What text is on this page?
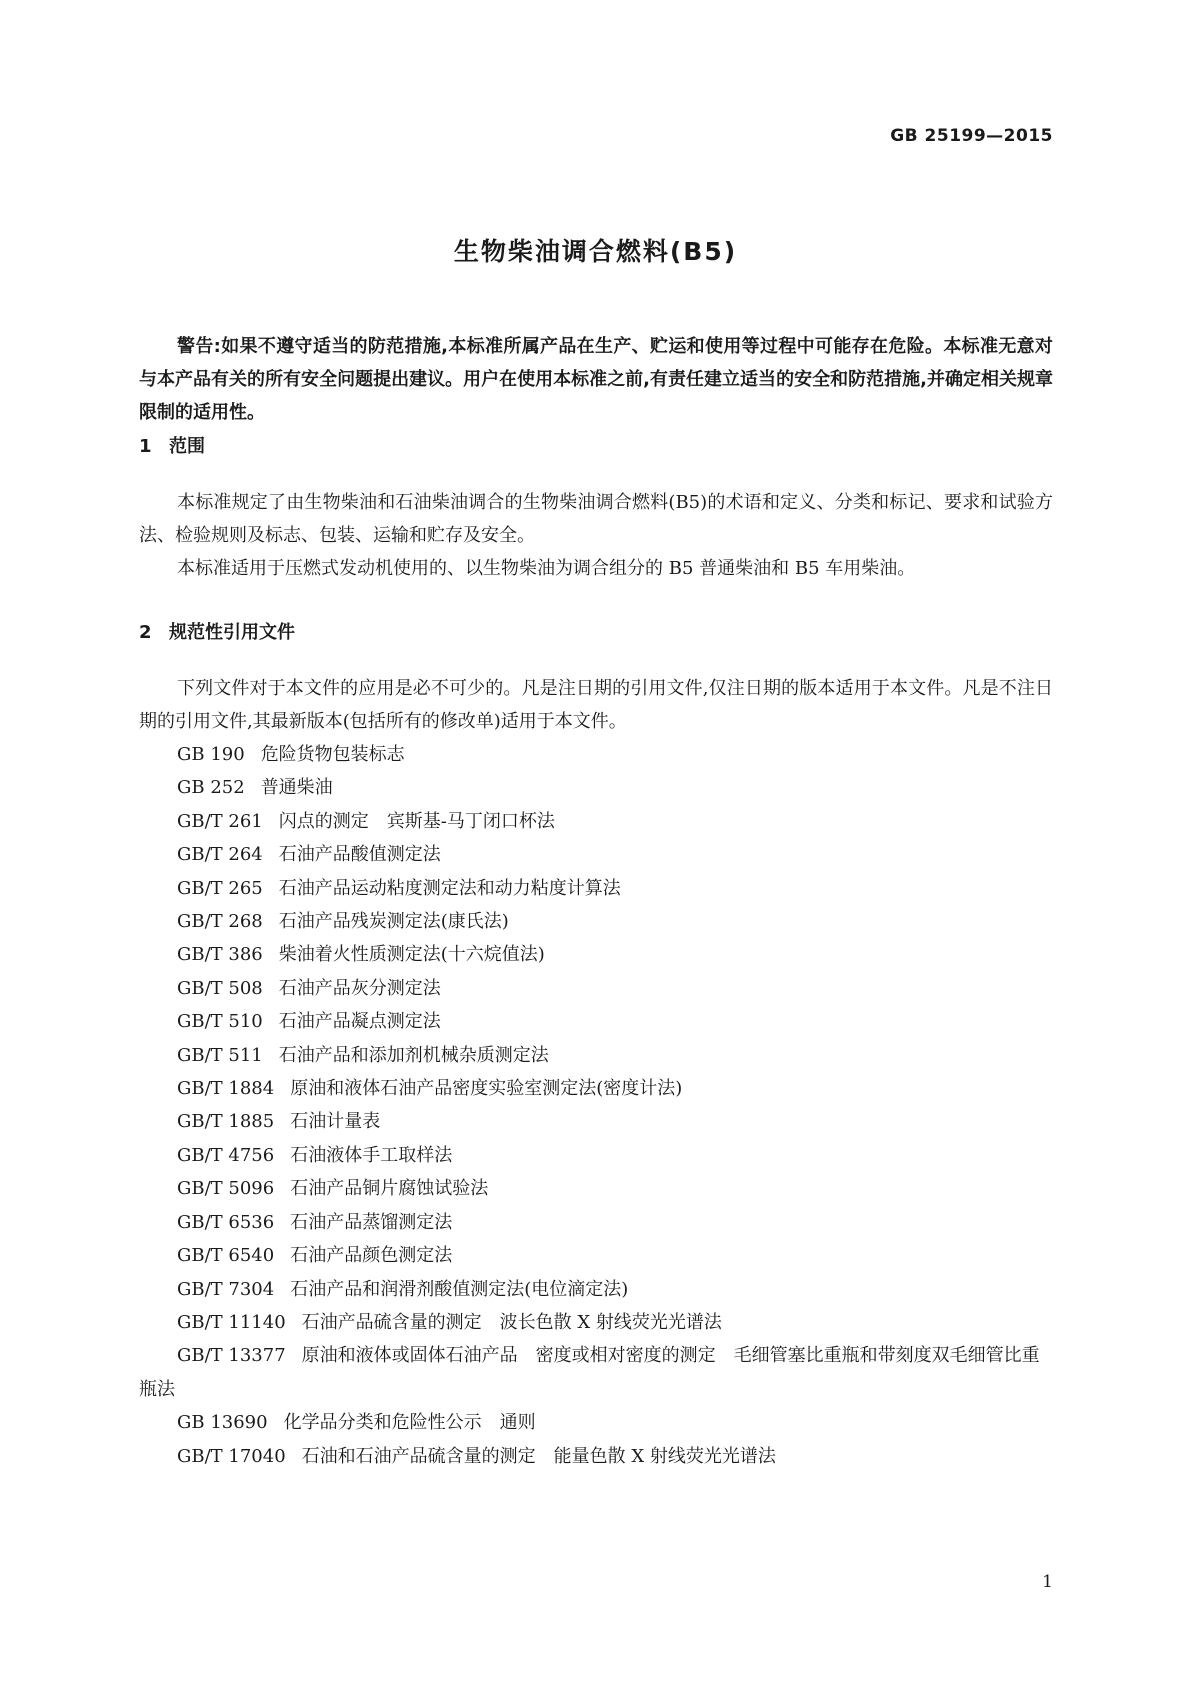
GB 25199—2015
生物柴油调合燃料(B5)

警告:如果不遵守适当的防范措施,本标准所属产品在生产、贮运和使用等过程中可能存在危险。本标准无意对与本产品有关的所有安全问题提出建议。用户在使用本标准之前,有责任建立适当的安全和防范措施,并确定相关规章限制的适用性。

1 范围

本标准规定了由生物柴油和石油柴油调合的生物柴油调合燃料(B5)的术语和定义、分类和标记、要求和试验方法、检验规则及标志、包装、运输和贮存及安全。

本标准适用于压燃式发动机使用的、以生物柴油为调合组分的 B5 普通柴油和 B5 车用柴油。

2 规范性引用文件

下列文件对于本文件的应用是必不可少的。凡是注日期的引用文件,仅注日期的版本适用于本文件。凡是不注日期的引用文件,其最新版本(包括所有的修改单)适用于本文件。

GB 190 危险货物包装标志
GB 252 普通柴油
GB/T 261 闪点的测定　宾斯基-马丁闭口杯法
GB/T 264 石油产品酸值测定法
GB/T 265 石油产品运动粘度测定法和动力粘度计算法
GB/T 268 石油产品残炭测定法(康氏法)
GB/T 386 柴油着火性质测定法(十六烷值法)
GB/T 508 石油产品灰分测定法
GB/T 510 石油产品凝点测定法
GB/T 511 石油产品和添加剂机械杂质测定法
GB/T 1884 原油和液体石油产品密度实验室测定法(密度计法)
GB/T 1885 石油计量表
GB/T 4756 石油液体手工取样法
GB/T 5096 石油产品铜片腐蚀试验法
GB/T 6536 石油产品蒸馏测定法
GB/T 6540 石油产品颜色测定法
GB/T 7304 石油产品和润滑剂酸值测定法(电位滴定法)
GB/T 11140 石油产品硫含量的测定　波长色散 X 射线荧光光谱法
GB/T 13377 原油和液体或固体石油产品　密度或相对密度的测定　毛细管塞比重瓶和带刻度双毛细管比重瓶法
GB 13690 化学品分类和危险性公示　通则
GB/T 17040 石油和石油产品硫含量的测定　能量色散 X 射线荧光光谱法
1
